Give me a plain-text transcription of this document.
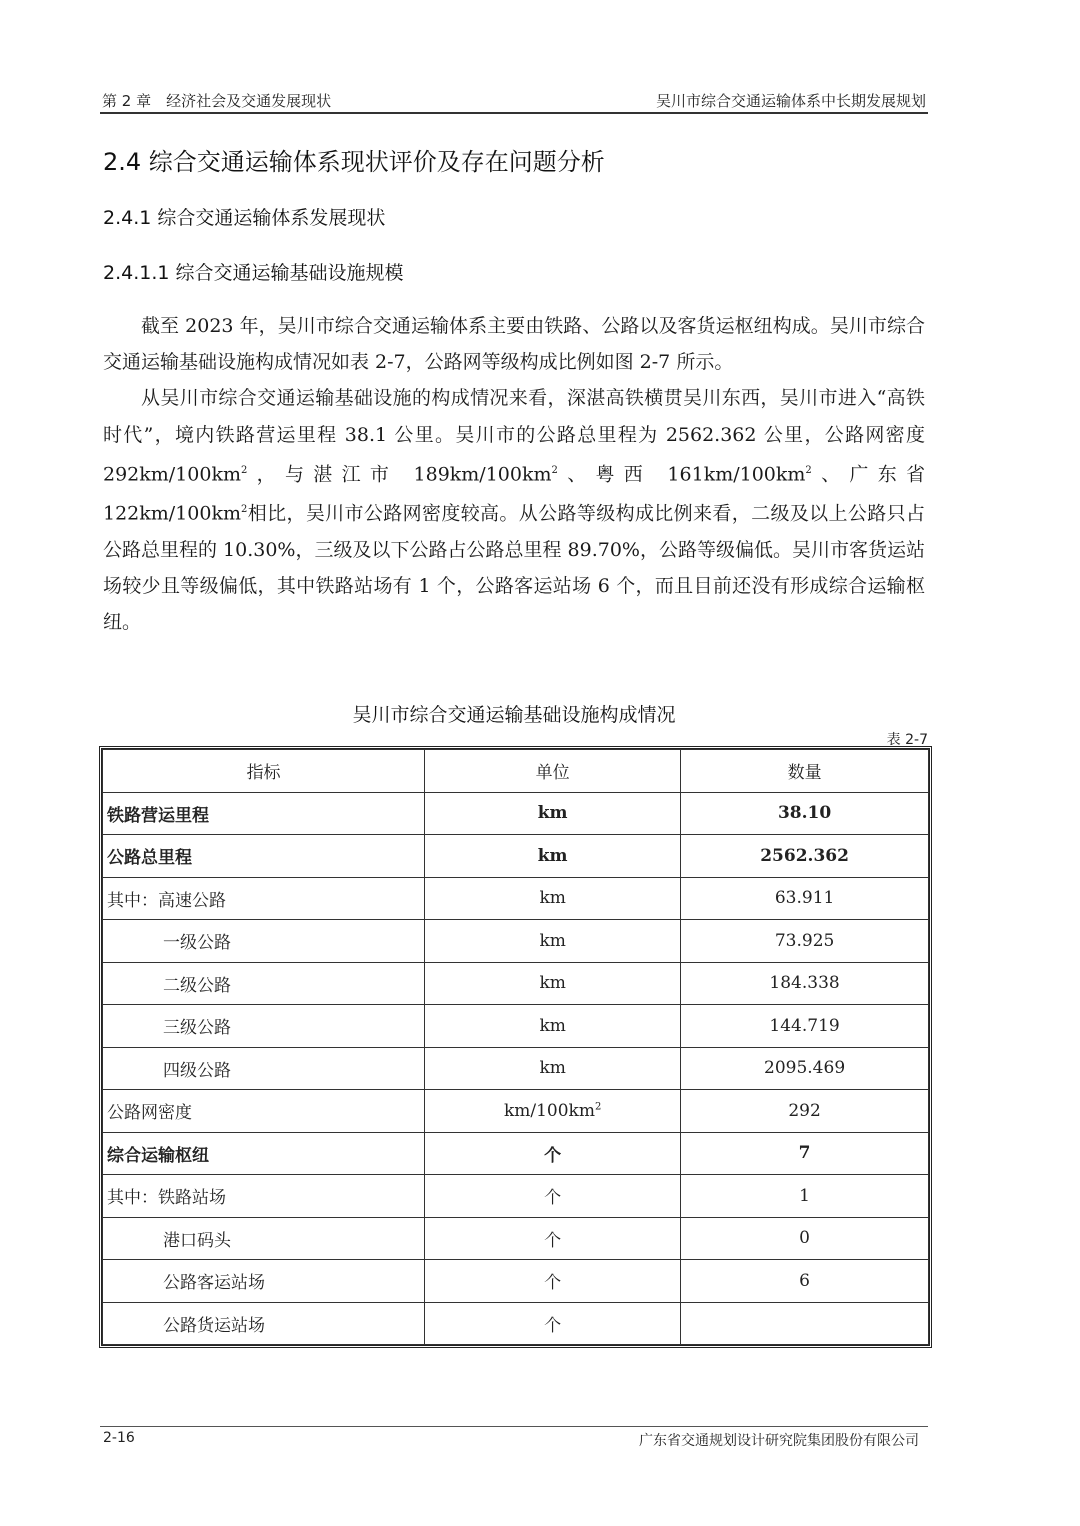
第 2 章　经济社会及交通发展现状	吴川市综合交通运输体系中长期发展规划
2.4 综合交通运输体系现状评价及存在问题分析
2.4.1 综合交通运输体系发展现状
2.4.1.1 综合交通运输基础设施规模

截至 2023 年，吴川市综合交通运输体系主要由铁路、公路以及客货运枢纽构成。吴川市综合交通运输基础设施构成情况如表 2-7，公路网等级构成比例如图 2-7 所示。

从吴川市综合交通运输基础设施的构成情况来看，深湛高铁横贯吴川东西，吴川市进入“高铁时代”，境内铁路营运里程 38.1 公里。吴川市的公路总里程为 2562.362 公里，公路网密度 $292km/100km^2$，与湛江市 $189km/100km^2$、粤西 $161km/100km^2$、广东省 $122km/100km^2$相比，吴川市公路网密度较高。从公路等级构成比例来看，二级及以上公路只占公路总里程的 10.30%，三级及以下公路占公路总里程 89.70%，公路等级偏低。吴川市客货运站场较少且等级偏低，其中铁路站场有 1 个，公路客运站场 6 个，而且目前还没有形成综合运输枢纽。

吴川市综合交通运输基础设施构成情况
表 2-7
指标	单位	数量
铁路营运里程	km	38.10
公路总里程	km	2562.362
其中：高速公路	km	63.911
一级公路	km	73.925
二级公路	km	184.338
三级公路	km	144.719
四级公路	km	2095.469
公路网密度	$km/100km^2$	292
综合运输枢纽	个	7
其中：铁路站场	个	1
港口码头	个	0
公路客运站场	个	6
公路货运站场	个	
2-16	广东省交通规划设计研究院集团股份有限公司
